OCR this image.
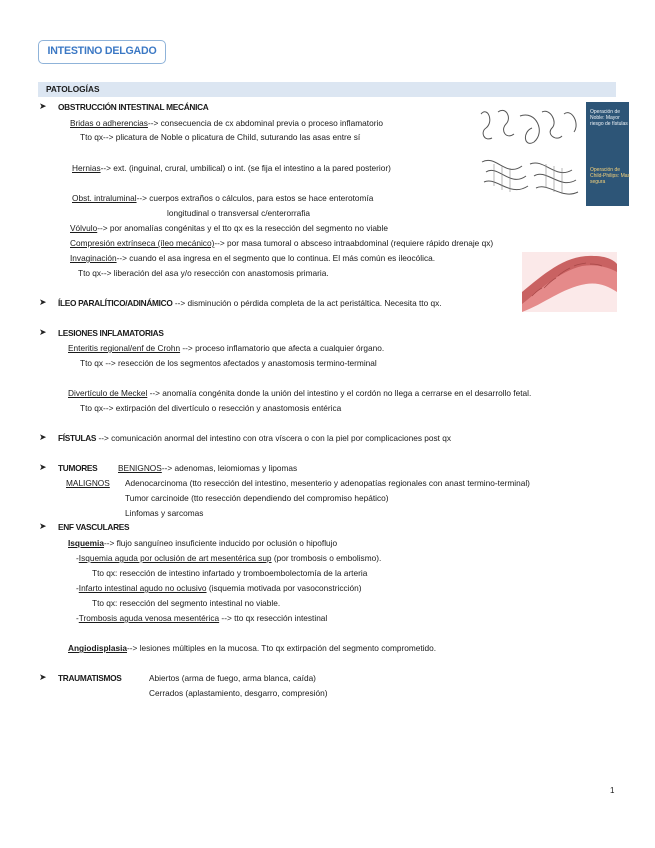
INTESTINO DELGADO
PATOLOGÍAS
➤ OBSTRUCCIÓN INTESTINAL MECÁNICA
Bridas o adherencias--> consecuencia de cx abdominal previa o proceso inflamatorio
Tto qx--> plicatura de Noble o plicatura de Child, suturando las asas entre sí
Hernias--> ext. (inguinal, crural, umbilical) o int. (se fija el intestino a la pared posterior)
Obst. intraluminal--> cuerpos extraños o cálculos, para estos se hace enterotomía
longitudinal o transversal c/enterorrafia
Vólvulo--> por anomalías congénitas y el tto qx es la resección del segmento no viable
Compresión extrínseca (íleo mecánico)--> por masa tumoral o absceso intraabdominal (requiere rápido drenaje qx)
Invaginación--> cuando el asa ingresa en el segmento que lo continua. El más común es ileocólica.
Tto qx--> liberación del asa y/o resección con anastomosis primaria.
Operación de Noble: Mayor riesgo de fístulas
Operación de Child-Philips: Mas segura
➤ ÍLEO PARALÍTICO/ADINÁMICO --> disminución o pérdida completa de la act peristáltica. Necesita tto qx.
➤ LESIONES INFLAMATORIAS
Enteritis regional/enf de Crohn --> proceso inflamatorio que afecta a cualquier órgano.
Tto qx --> resección de los segmentos afectados y anastomosis termino-terminal
Divertículo de Meckel --> anomalía congénita donde la unión del intestino y el cordón no llega a cerrarse en el desarrollo fetal.
Tto qx--> extirpación del divertículo o resección y anastomosis entérica
➤ FÍSTULAS --> comunicación anormal del intestino con otra víscera o con la piel por complicaciones post qx
➤ TUMORES BENIGNOS--> adenomas, leiomiomas y lipomas
MALIGNOS Adenocarcinoma (tto resección del intestino, mesenterio y adenopatías regionales con anast termino-terminal)
Tumor carcinoide (tto resección dependiendo del compromiso hepático)
Linfomas y sarcomas
➤ ENF VASCULARES
Isquemia--> flujo sanguíneo insuficiente inducido por oclusión o hipoflujo
-Isquemia aguda por oclusión de art mesentérica sup (por trombosis o embolismo).
Tto qx: resección de intestino infartado y tromboembolectomía de la arteria
-Infarto intestinal agudo no oclusivo (isquemia motivada por vasoconstricción)
Tto qx: resección del segmento intestinal no viable.
-Trombosis aguda venosa mesentérica --> tto qx resección intestinal
Angiodisplasia--> lesiones múltiples en la mucosa. Tto qx extirpación del segmento comprometido.
➤ TRAUMATISMOS	Abiertos (arma de fuego, arma blanca, caída)
Cerrados (aplastamiento, desgarro, compresión)
1
